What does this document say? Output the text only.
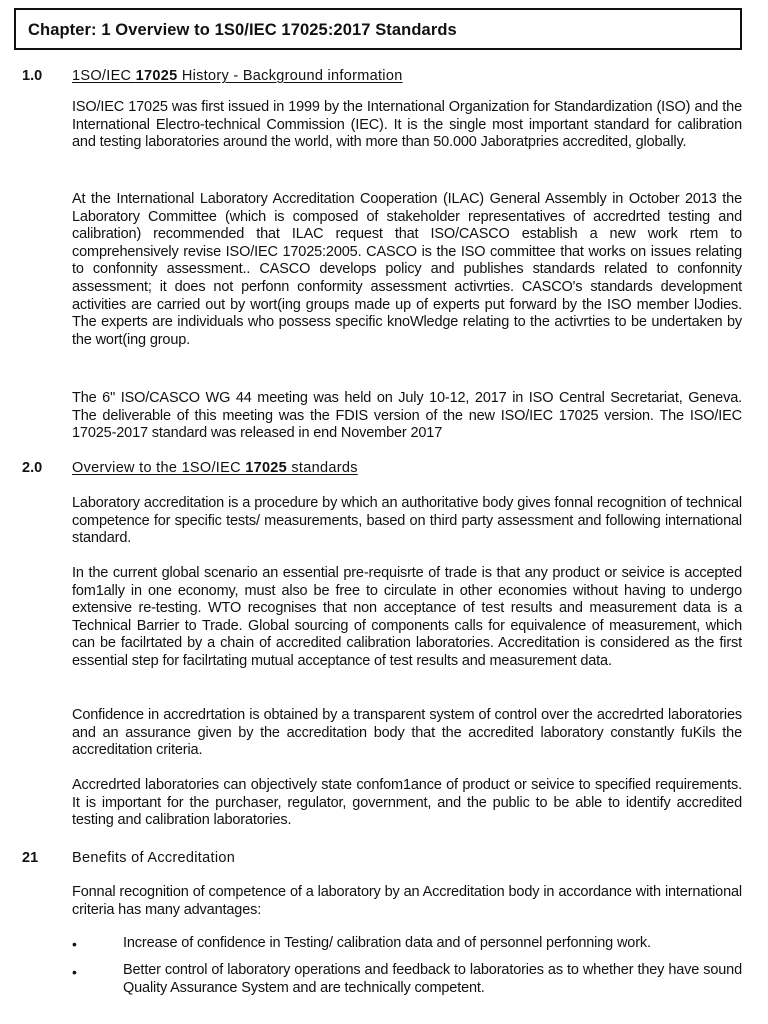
Chapter: 1 Overview to 1S0/IEC 17025:2017 Standards
1.0 1SO/IEC 17025 History - Background information

ISO/IEC 17025 was first issued in 1999 by the International Organization for Standardization (ISO) and the International Electro-technical Commission (IEC). It is the single most important standard for calibration and testing laboratories around the world, with more than 50.000 Jaboratpries accredited, globally.

At the International Laboratory Accreditation Cooperation (ILAC) General Assembly in October 2013 the Laboratory Committee (which is composed of stakeholder representatives of accredrted testing and calibration) recommended that ILAC request that ISO/CASCO establish a new work rtem to comprehensively revise ISO/IEC 17025:2005. CASCO is the ISO committee that works on issues relating to confonnity assessment.. CASCO develops policy and publishes standards related to confonnity assessment; it does not perfonn conformity assessment activrties. CASCO's standards development activities are carried out by wort(ing groups made up of experts put forward by the ISO member lJodies. The experts are individuals who possess specific knoWledge relating to the activrties to be undertaken by the wort(ing group.

The 6" ISO/CASCO WG 44 meeting was held on July 10-12, 2017 in ISO Central Secretariat, Geneva. The deliverable of this meeting was the FDIS version of the new ISO/IEC 17025 version. The ISO/IEC 17025-2017 standard was released in end November 2017

2.0 Overview to the 1SO/IEC 17025 standards

Laboratory accreditation is a procedure by which an authoritative body gives fonnal recognition of technical competence for specific tests/ measurements, based on third party assessment and following international standard.

In the current global scenario an essential pre-requisrte of trade is that any product or seivice is accepted fom1ally in one economy, must also be free to circulate in other economies without having to undergo extensive re-testing. WTO recognises that non acceptance of test results and measurement data is a Technical Barrier to Trade. Global sourcing of components calls for equivalence of measurement, which can be facilrtated by a chain of accredited calibration laboratories. Accreditation is considered as the first essential step for facilrtating mutual acceptance of test results and measurement data.

Confidence in accredrtation is obtained by a transparent system of control over the accredrted laboratories and an assurance given by the accreditation body that the accredited laboratory constantly fuKils the accreditation criteria.

Accredrted laboratories can objectively state confom1ance of product or seivice to specified requirements. It is important for the purchaser, regulator, government, and the public to be able to identify accredited testing and calibration laboratories.

21 Benefits of Accreditation

Fonnal recognition of competence of a laboratory by an Accreditation body in accordance with international criteria has many advantages:

•	Increase of confidence in Testing/ calibration data and of personnel perfonning work.

•	Better control of laboratory operations and feedback to laboratories as to whether they have sound Quality Assurance System and are technically competent.
